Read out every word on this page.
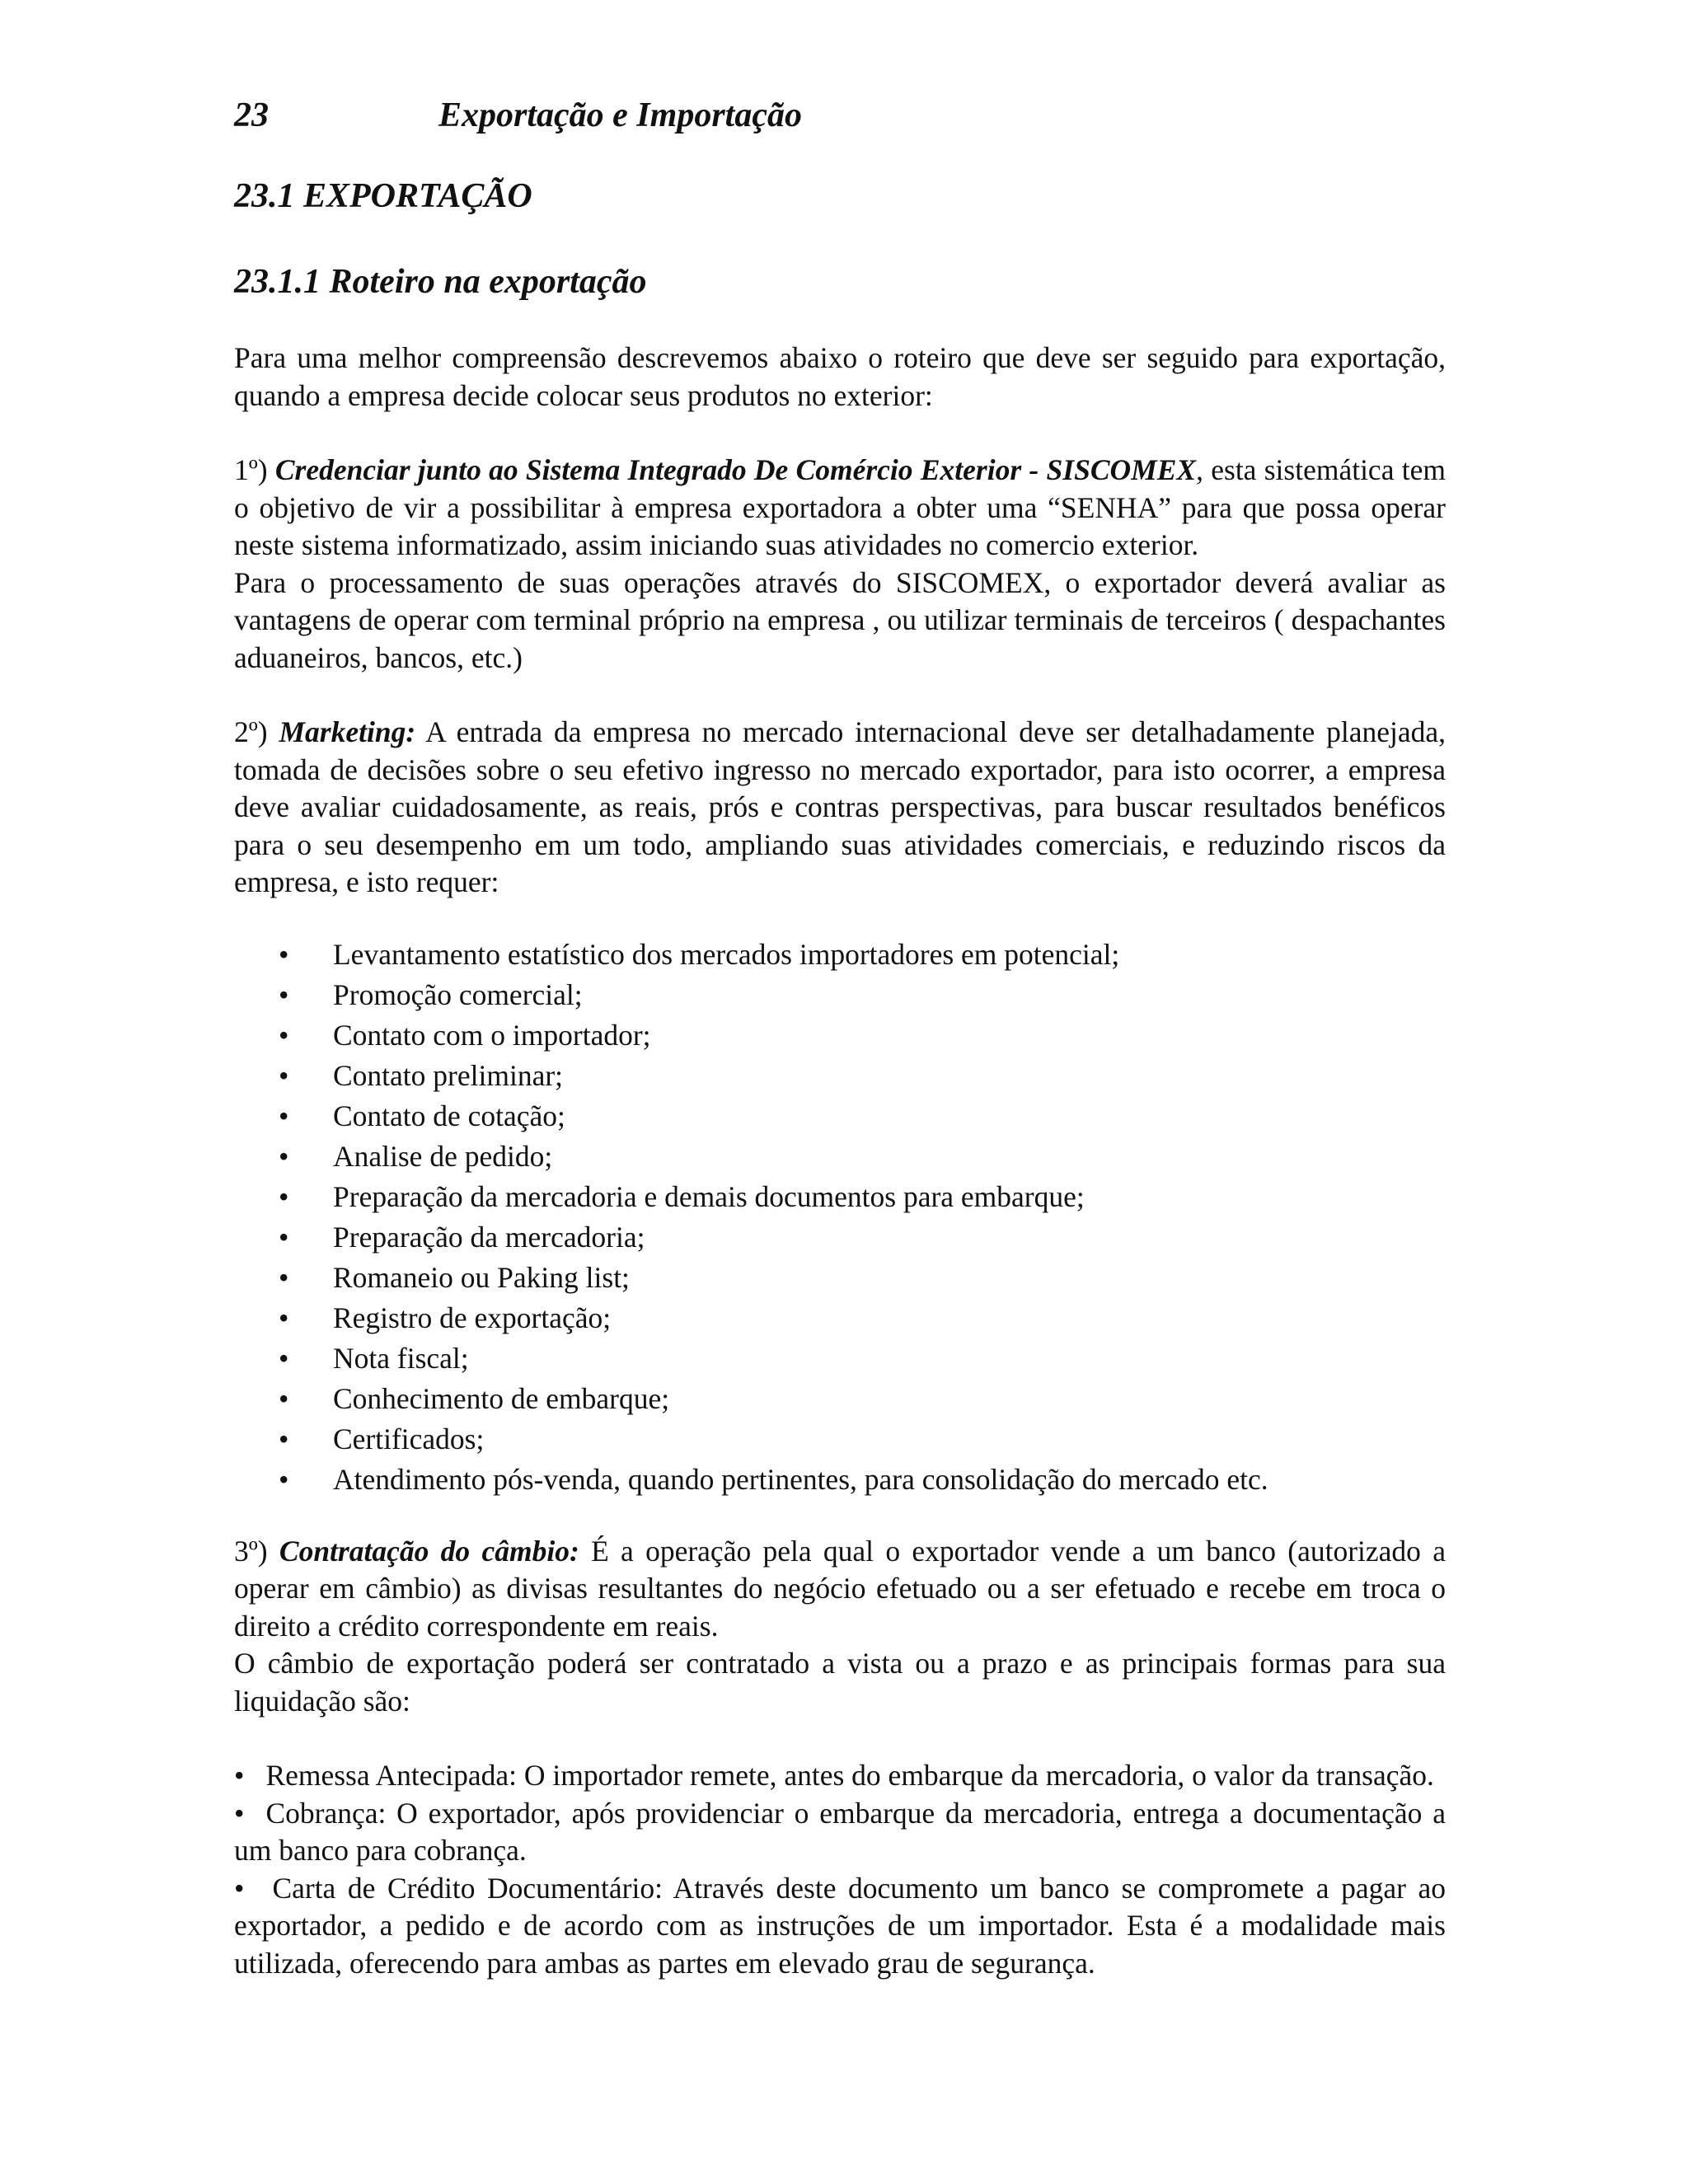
23	Exportação e Importação

23.1 EXPORTAÇÃO

23.1.1 Roteiro na exportação

Para uma melhor compreensão descrevemos abaixo o roteiro que deve ser seguido para exportação, quando a empresa decide colocar seus produtos no exterior:

1º) Credenciar junto ao Sistema Integrado De Comércio Exterior - SISCOMEX, esta sistemática tem o objetivo de vir a possibilitar à empresa exportadora a obter uma “SENHA” para que possa operar neste sistema informatizado, assim iniciando suas atividades no comercio exterior.

Para o processamento de suas operações através do SISCOMEX, o exportador deverá avaliar as vantagens de operar com terminal próprio na empresa , ou utilizar terminais de terceiros ( despachantes aduaneiros, bancos, etc.)

2º) Marketing: A entrada da empresa no mercado internacional deve ser detalhadamente planejada, tomada de decisões sobre o seu efetivo ingresso no mercado exportador, para isto ocorrer, a empresa deve avaliar cuidadosamente, as reais, prós e contras perspectivas, para buscar resultados benéficos para o seu desempenho em um todo, ampliando suas atividades comerciais, e reduzindo riscos da empresa, e isto requer:

• Levantamento estatístico dos mercados importadores em potencial;
• Promoção comercial;
• Contato com o importador;
• Contato preliminar;
• Contato de cotação;
• Analise de pedido;
• Preparação da mercadoria e demais documentos para embarque;
• Preparação da mercadoria;
• Romaneio ou Paking list;
• Registro de exportação;
• Nota fiscal;
• Conhecimento de embarque;
• Certificados;
• Atendimento pós-venda, quando pertinentes, para consolidação do mercado etc.

3º) Contratação do câmbio: É a operação pela qual o exportador vende a um banco (autorizado a operar em câmbio) as divisas resultantes do negócio efetuado ou a ser efetuado e recebe em troca o direito a crédito correspondente em reais.

O câmbio de exportação poderá ser contratado a vista ou a prazo e as principais formas para sua liquidação são:

• Remessa Antecipada: O importador remete, antes do embarque da mercadoria, o valor da transação.

• Cobrança: O exportador, após providenciar o embarque da mercadoria, entrega a documentação a um banco para cobrança.

• Carta de Crédito Documentário: Através deste documento um banco se compromete a pagar ao exportador, a pedido e de acordo com as instruções de um importador. Esta é a modalidade mais utilizada, oferecendo para ambas as partes em elevado grau de segurança.
